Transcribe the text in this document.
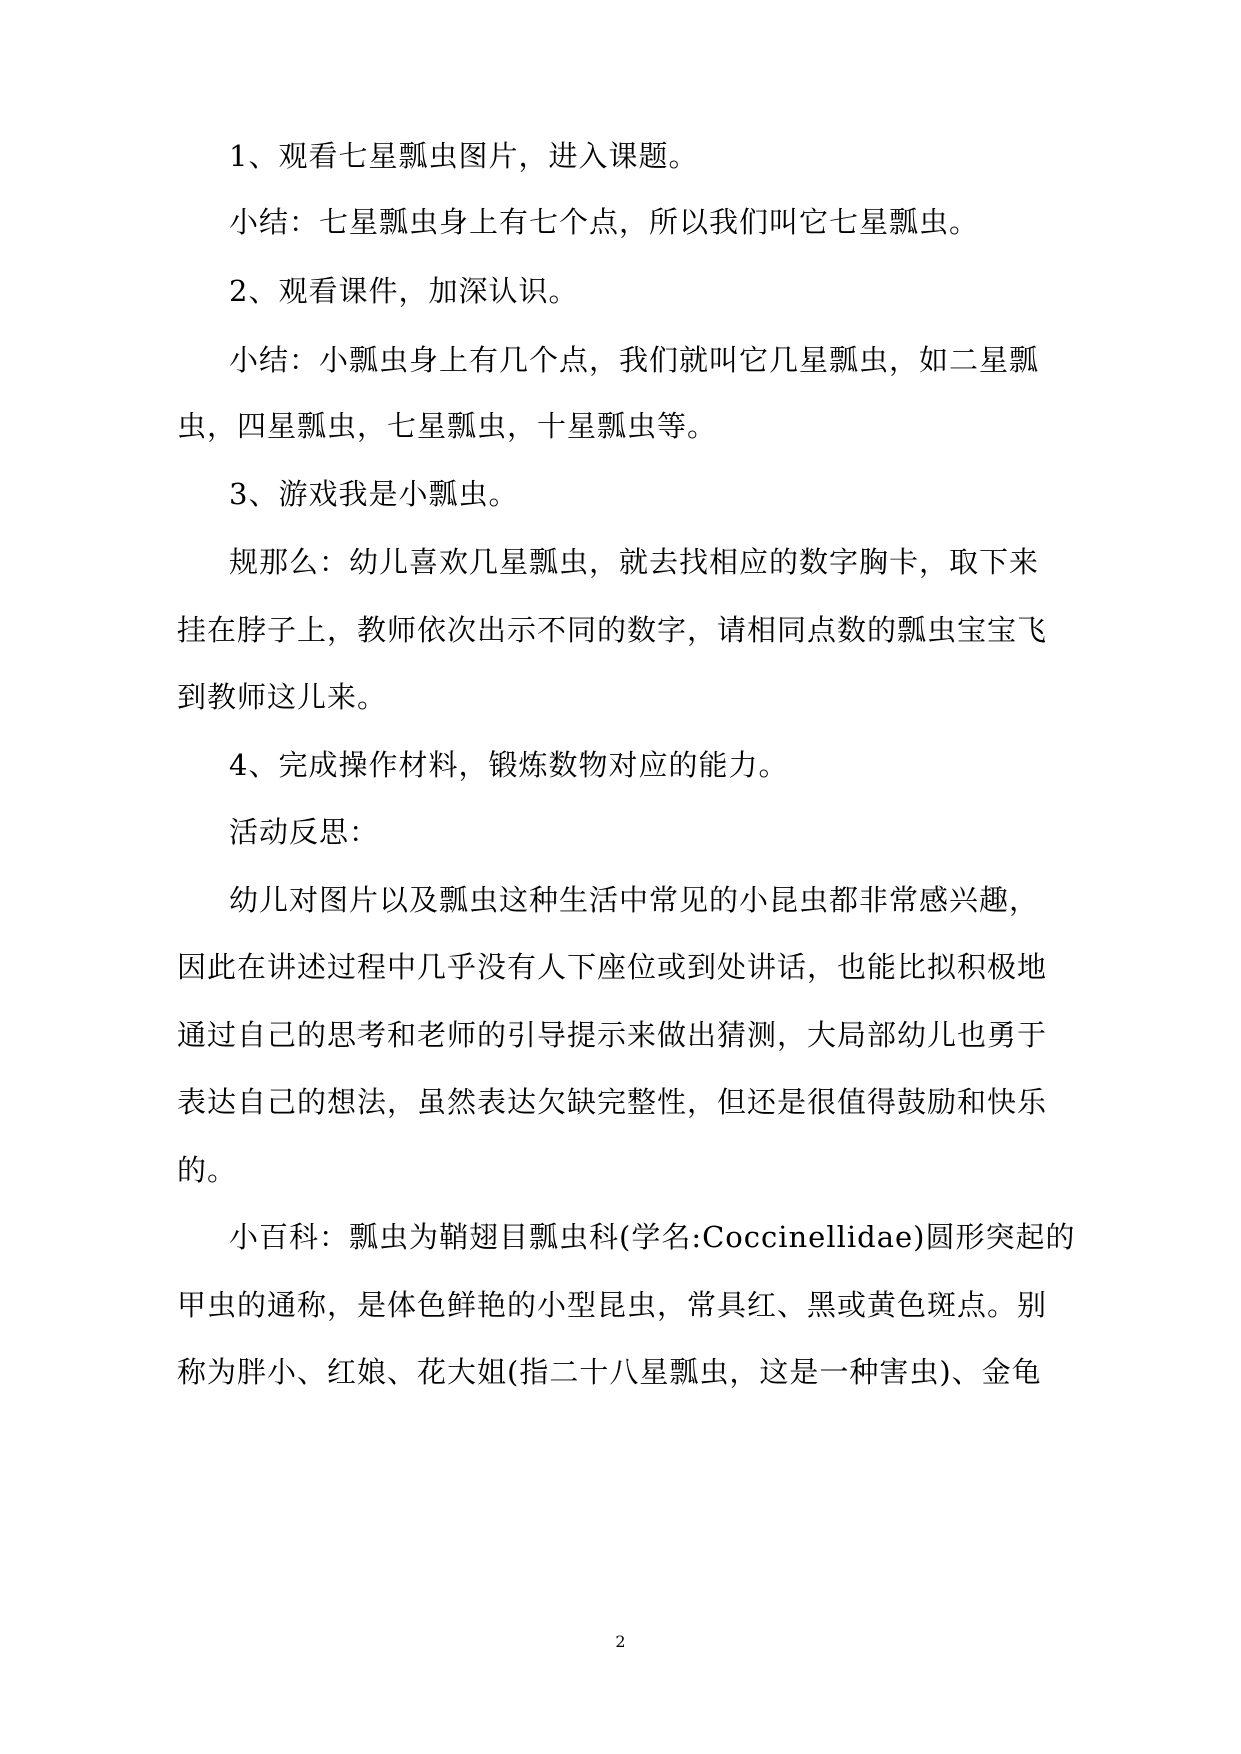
1、观看七星瓢虫图片，进入课题。
小结：七星瓢虫身上有七个点，所以我们叫它七星瓢虫。
2、观看课件，加深认识。
小结：小瓢虫身上有几个点，我们就叫它几星瓢虫，如二星瓢
虫，四星瓢虫，七星瓢虫，十星瓢虫等。
3、游戏我是小瓢虫。
规那么：幼儿喜欢几星瓢虫，就去找相应的数字胸卡，取下来
挂在脖子上，教师依次出示不同的数字，请相同点数的瓢虫宝宝飞
到教师这儿来。
4、完成操作材料，锻炼数物对应的能力。
活动反思：
幼儿对图片以及瓢虫这种生活中常见的小昆虫都非常感兴趣，
因此在讲述过程中几乎没有人下座位或到处讲话，也能比拟积极地
通过自己的思考和老师的引导提示来做出猜测，大局部幼儿也勇于
表达自己的想法，虽然表达欠缺完整性，但还是很值得鼓励和快乐
的。
小百科：瓢虫为鞘翅目瓢虫科(学名:Coccinellidae)圆形突起的
甲虫的通称，是体色鲜艳的小型昆虫，常具红、黑或黄色斑点。别
称为胖小、红娘、花大姐(指二十八星瓢虫，这是一种害虫)、金龟
2
